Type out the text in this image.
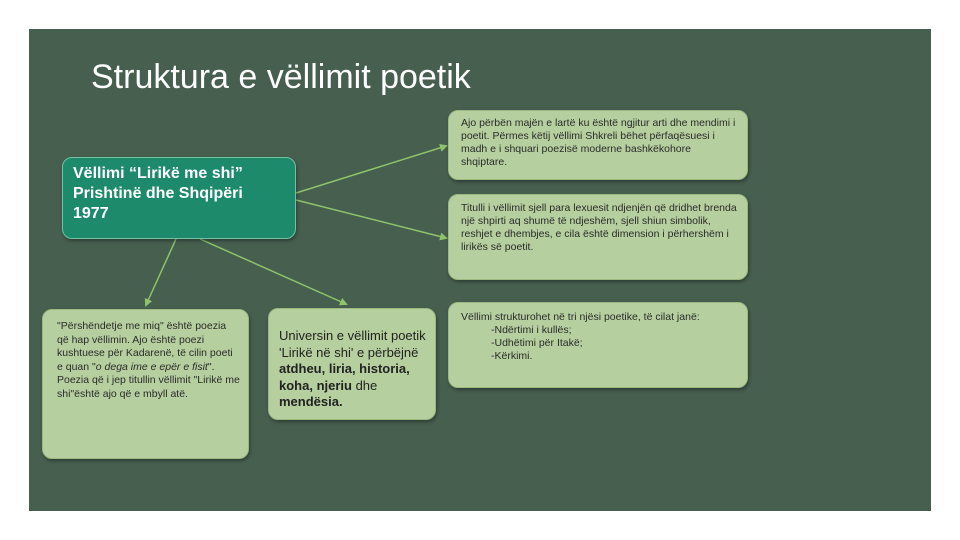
Struktura e vëllimit poetik
Vëllimi “Lirikë me shi”
Prishtinë dhe Shqipëri
1977
"Përshëndetje me miq" është poezia që hap vëllimin. Ajo është poezi kushtuese për Kadarenë, të cilin poeti e quan "o dega ime e epër e fisit".
Poezia që i jep titullin vëllimit "Lirikë me shi"është ajo që e mbyll atë.
Universin e vëllimit poetik 'Lirikë në shi' e përbëjnë atdheu, liria, historia, koha, njeriu dhe mendësia.
Ajo përbën majën e lartë ku është ngjitur arti dhe mendimi i poetit. Përmes këtij vëllimi Shkreli bëhet përfaqësuesi i madh e i shquari poezisë moderne bashkëkohore shqiptare.
Titulli i vëllimit sjell para lexuesit ndjenjën që dridhet brenda një shpirti aq shumë të ndjeshëm, sjell shiun simbolik, reshjet e dhembjes, e cila është dimension i përhershëm i lirikës së poetit.
Vëllimi strukturohet në tri njësi poetike, të cilat janë:
-Ndërtimi i kullës;
-Udhëtimi për Itakë;
-Kërkimi.
